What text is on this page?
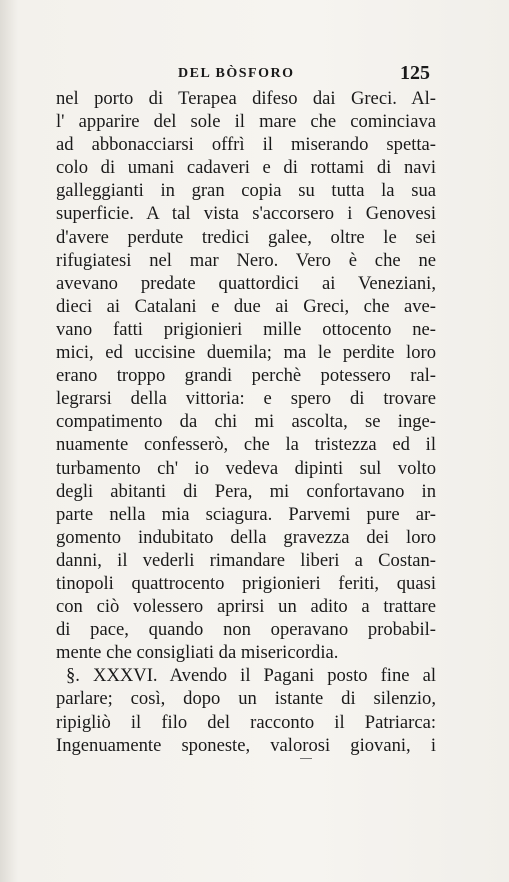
DEL BÒSFORO	125
nel porto di Terapea difeso dai Greci. Al-
l' apparire del sole il mare che cominciava
ad abbonacciarsi offrì il miserando spetta-
colo di umani cadaveri e di rottami di navi
galleggianti in gran copia su tutta la sua
superficie. A tal vista s'accorsero i Genovesi
d'avere perdute tredici galee, oltre le sei
rifugiatesi nel mar Nero. Vero è che ne
avevano predate quattordici ai Veneziani,
dieci ai Catalani e due ai Greci, che ave-
vano fatti prigionieri mille ottocento ne-
mici, ed uccisine duemila; ma le perdite loro
erano troppo grandi perchè potessero ral-
legrarsi della vittoria: e spero di trovare
compatimento da chi mi ascolta, se inge-
nuamente confesserò, che la tristezza ed il
turbamento ch' io vedeva dipinti sul volto
degli abitanti di Pera, mi confortavano in
parte nella mia sciagura. Parvemi pure ar-
gomento indubitato della gravezza dei loro
danni, il vederli rimandare liberi a Costan-
tinopoli quattrocento prigionieri feriti, quasi
con ciò volessero aprirsi un adito a trattare
di pace, quando non operavano probabil-
mente che consigliati da misericordia.
§. XXXVI. Avendo il Pagani posto fine al
parlare; così, dopo un istante di silenzio,
ripigliò il filo del racconto il Patriarca:
Ingenuamente sponeste, valorosi giovani, i
